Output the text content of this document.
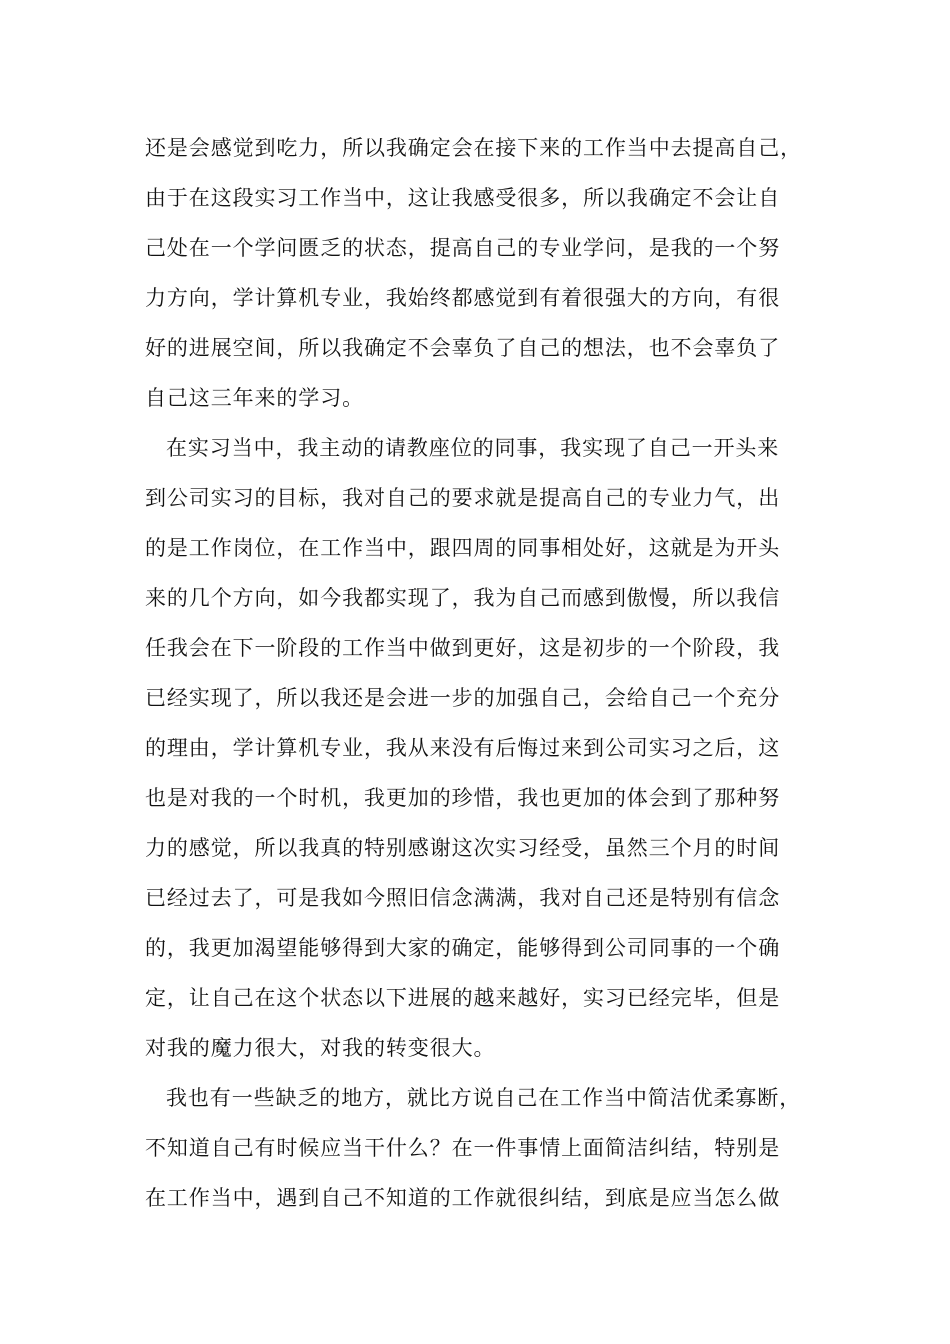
还是会感觉到吃力，所以我确定会在接下来的工作当中去提高自己，
由于在这段实习工作当中，这让我感受很多，所以我确定不会让自
己处在一个学问匮乏的状态，提高自己的专业学问，是我的一个努
力方向，学计算机专业，我始终都感觉到有着很强大的方向，有很
好的进展空间，所以我确定不会辜负了自己的想法，也不会辜负了
自己这三年来的学习。
在实习当中，我主动的请教座位的同事，我实现了自己一开头来
到公司实习的目标，我对自己的要求就是提高自己的专业力气，出
的是工作岗位，在工作当中，跟四周的同事相处好，这就是为开头
来的几个方向，如今我都实现了，我为自己而感到傲慢，所以我信
任我会在下一阶段的工作当中做到更好，这是初步的一个阶段，我
已经实现了，所以我还是会进一步的加强自己，会给自己一个充分
的理由，学计算机专业，我从来没有后悔过来到公司实习之后，这
也是对我的一个时机，我更加的珍惜，我也更加的体会到了那种努
力的感觉，所以我真的特别感谢这次实习经受，虽然三个月的时间
已经过去了，可是我如今照旧信念满满，我对自己还是特别有信念
的，我更加渴望能够得到大家的确定，能够得到公司同事的一个确
定，让自己在这个状态以下进展的越来越好，实习已经完毕，但是
对我的魔力很大，对我的转变很大。
我也有一些缺乏的地方，就比方说自己在工作当中简洁优柔寡断，
不知道自己有时候应当干什么？在一件事情上面简洁纠结，特别是
在工作当中，遇到自己不知道的工作就很纠结，到底是应当怎么做
